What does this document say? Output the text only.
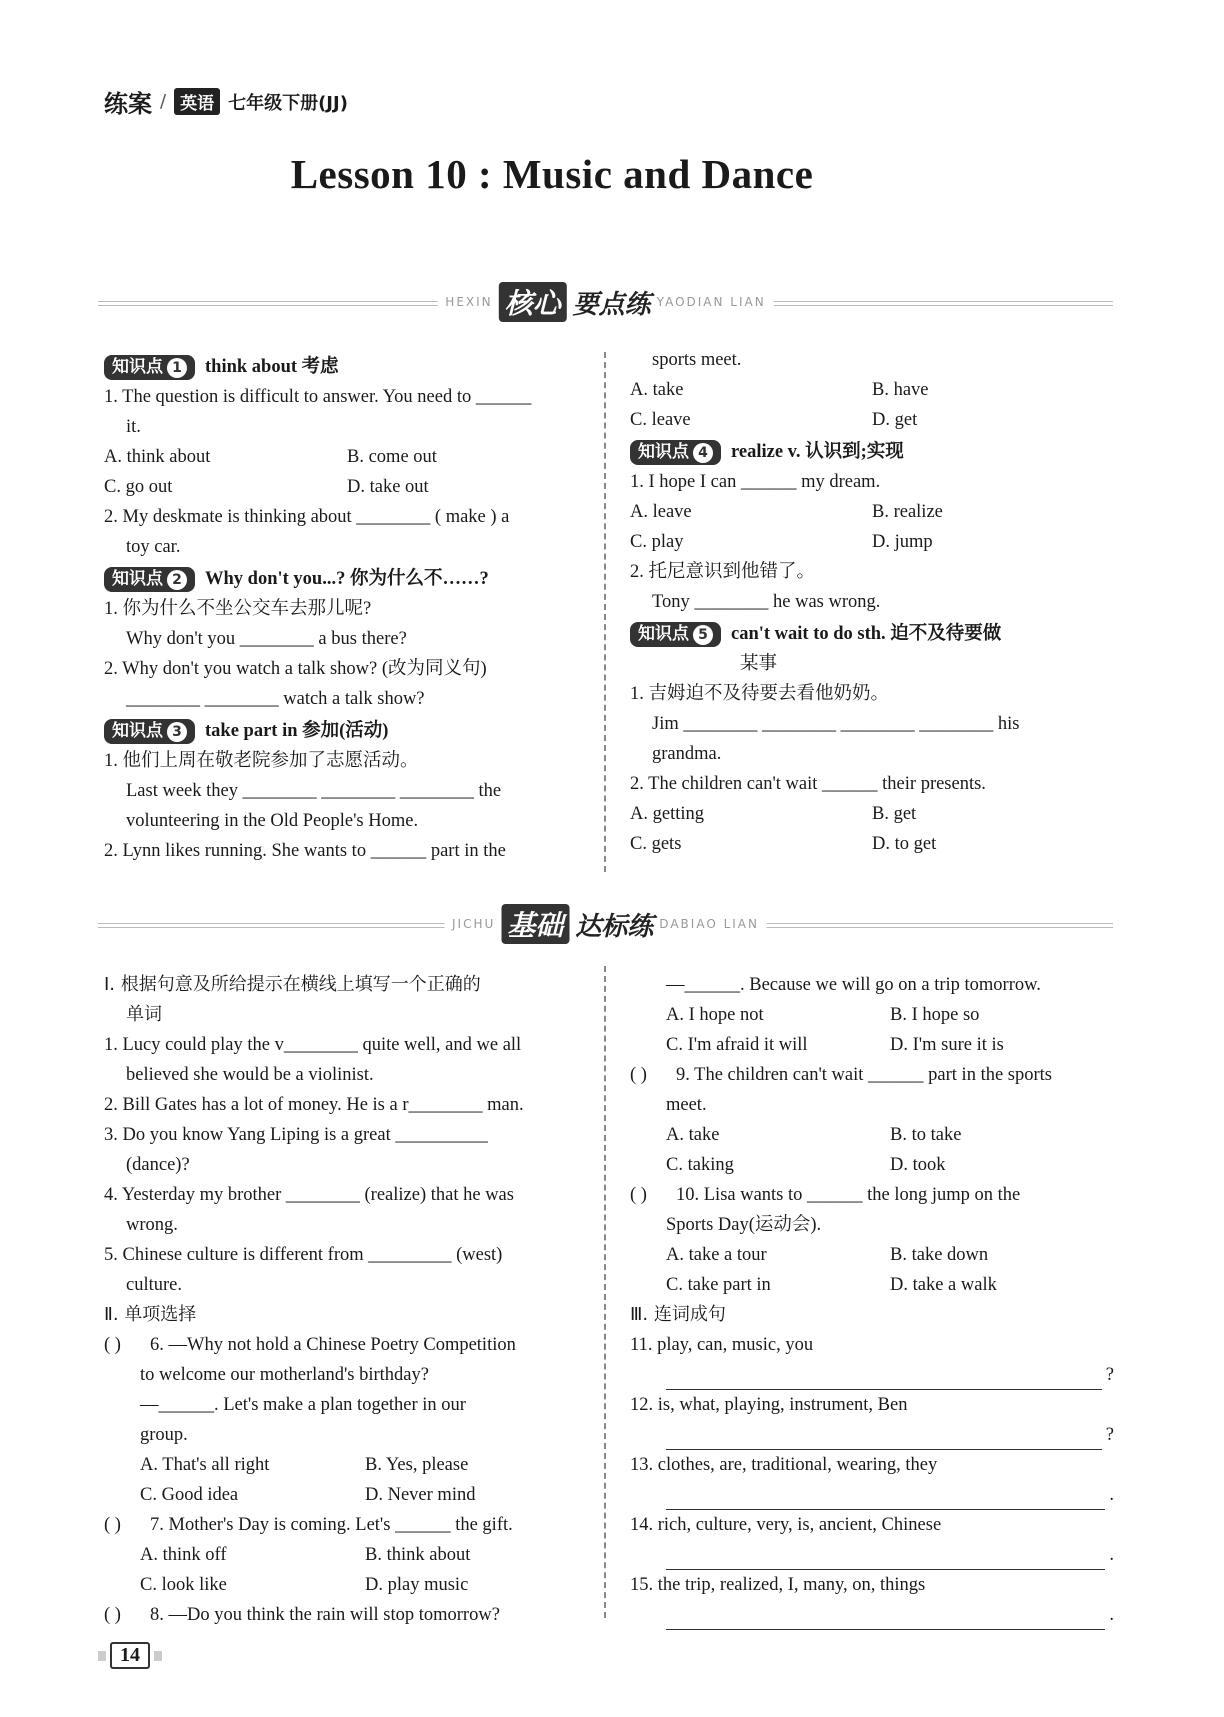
练案 / 英语 七年级下册(JJ)
Lesson 10 : Music and Dance
HEXIN 核心 要点练 YAODIAN LIAN
知识点 1	think about 考虑
1. The question is difficult to answer. You need to ______
it.
A. think about	B. come out
C. go out	D. take out
2. My deskmate is thinking about ________ ( make ) a
toy car.
知识点 2	Why don't you...? 你为什么不……?
1. 你为什么不坐公交车去那儿呢?
Why don't you ________ a bus there?
2. Why don't you watch a talk show? (改为同义句)
________ ________ watch a talk show?
知识点 3	take part in 参加(活动)
1. 他们上周在敬老院参加了志愿活动。
Last week they ________ ________ ________ the
volunteering in the Old People's Home.
2. Lynn likes running. She wants to ______ part in the
sports meet.
A. take	B. have
C. leave	D. get
知识点 4	realize v. 认识到;实现
1. I hope I can ______ my dream.
A. leave	B. realize
C. play	D. jump
2. 托尼意识到他错了。
Tony ________ he was wrong.
知识点 5	can't wait to do sth. 迫不及待要做
某事
1. 吉姆迫不及待要去看他奶奶。
Jim ________ ________ ________ ________ his
grandma.
2. The children can't wait ______ their presents.
A. getting	B. get
C. gets	D. to get
JICHU 基础 达标练 DABIAO LIAN
Ⅰ. 根据句意及所给提示在横线上填写一个正确的
单词
1. Lucy could play the v________ quite well, and we all
believed she would be a violinist.
2. Bill Gates has a lot of money. He is a r________ man.
3. Do you know Yang Liping is a great __________
(dance)?
4. Yesterday my brother ________ (realize) that he was
wrong.
5. Chinese culture is different from _________ (west)
culture.
Ⅱ. 单项选择
( ) 6. —Why not hold a Chinese Poetry Competition
to welcome our motherland's birthday?
—______. Let's make a plan together in our
group.
A. That's all right	B. Yes, please
C. Good idea	D. Never mind
( ) 7. Mother's Day is coming. Let's ______ the gift.
A. think off	B. think about
C. look like	D. play music
( ) 8. —Do you think the rain will stop tomorrow?
—______. Because we will go on a trip tomorrow.
A. I hope not	B. I hope so
C. I'm afraid it will	D. I'm sure it is
( ) 9. The children can't wait ______ part in the sports
meet.
A. take	B. to take
C. taking	D. took
( ) 10. Lisa wants to ______ the long jump on the
Sports Day(运动会).
A. take a tour	B. take down
C. take part in	D. take a walk
Ⅲ. 连词成句
11. play, can, music, you
?
12. is, what, playing, instrument, Ben
?
13. clothes, are, traditional, wearing, they
.
14. rich, culture, very, is, ancient, Chinese
.
15. the trip, realized, I, many, on, things
.
14
